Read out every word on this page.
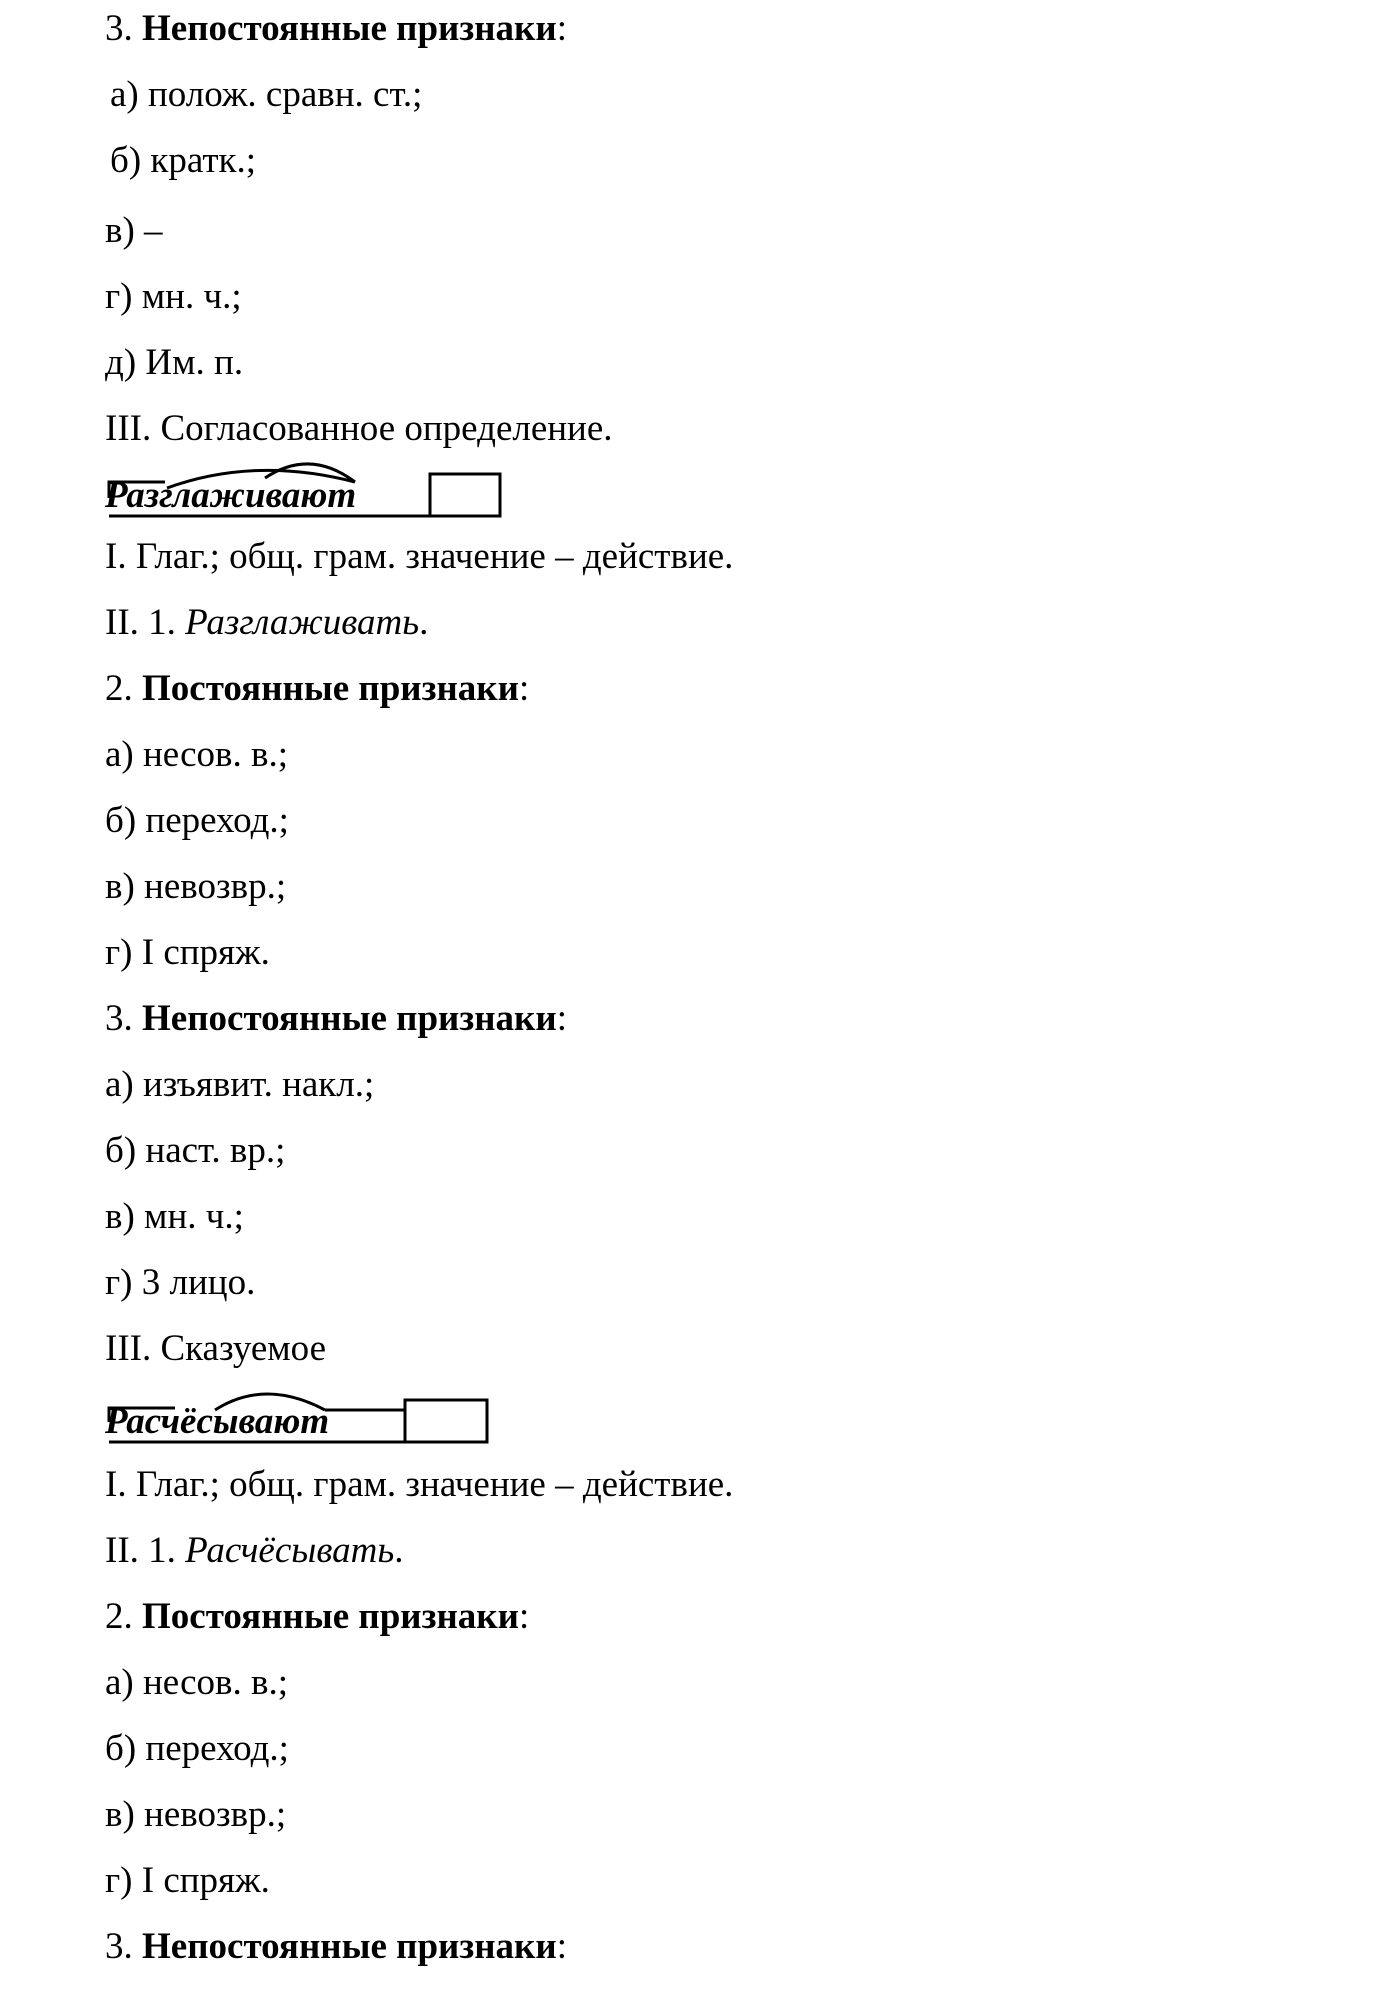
3. Непостоянные признаки:
а) полож. сравн. ст.;
б) кратк.;
в) –
г) мн. ч.;
д) Им. п.
III. Согласованное определение.
Разглаживают
I. Глаг.; общ. грам. значение – действие.
II. 1. Разглаживать.
2. Постоянные признаки:
а) несов. в.;
б) переход.;
в) невозвр.;
г) I спряж.
3. Непостоянные признаки:
а) изъявит. накл.;
б) наст. вр.;
в) мн. ч.;
г) 3 лицо.
III. Сказуемое
Расчёсывают
I. Глаг.; общ. грам. значение – действие.
II. 1. Расчёсывать.
2. Постоянные признаки:
а) несов. в.;
б) переход.;
в) невозвр.;
г) I спряж.
3. Непостоянные признаки:
